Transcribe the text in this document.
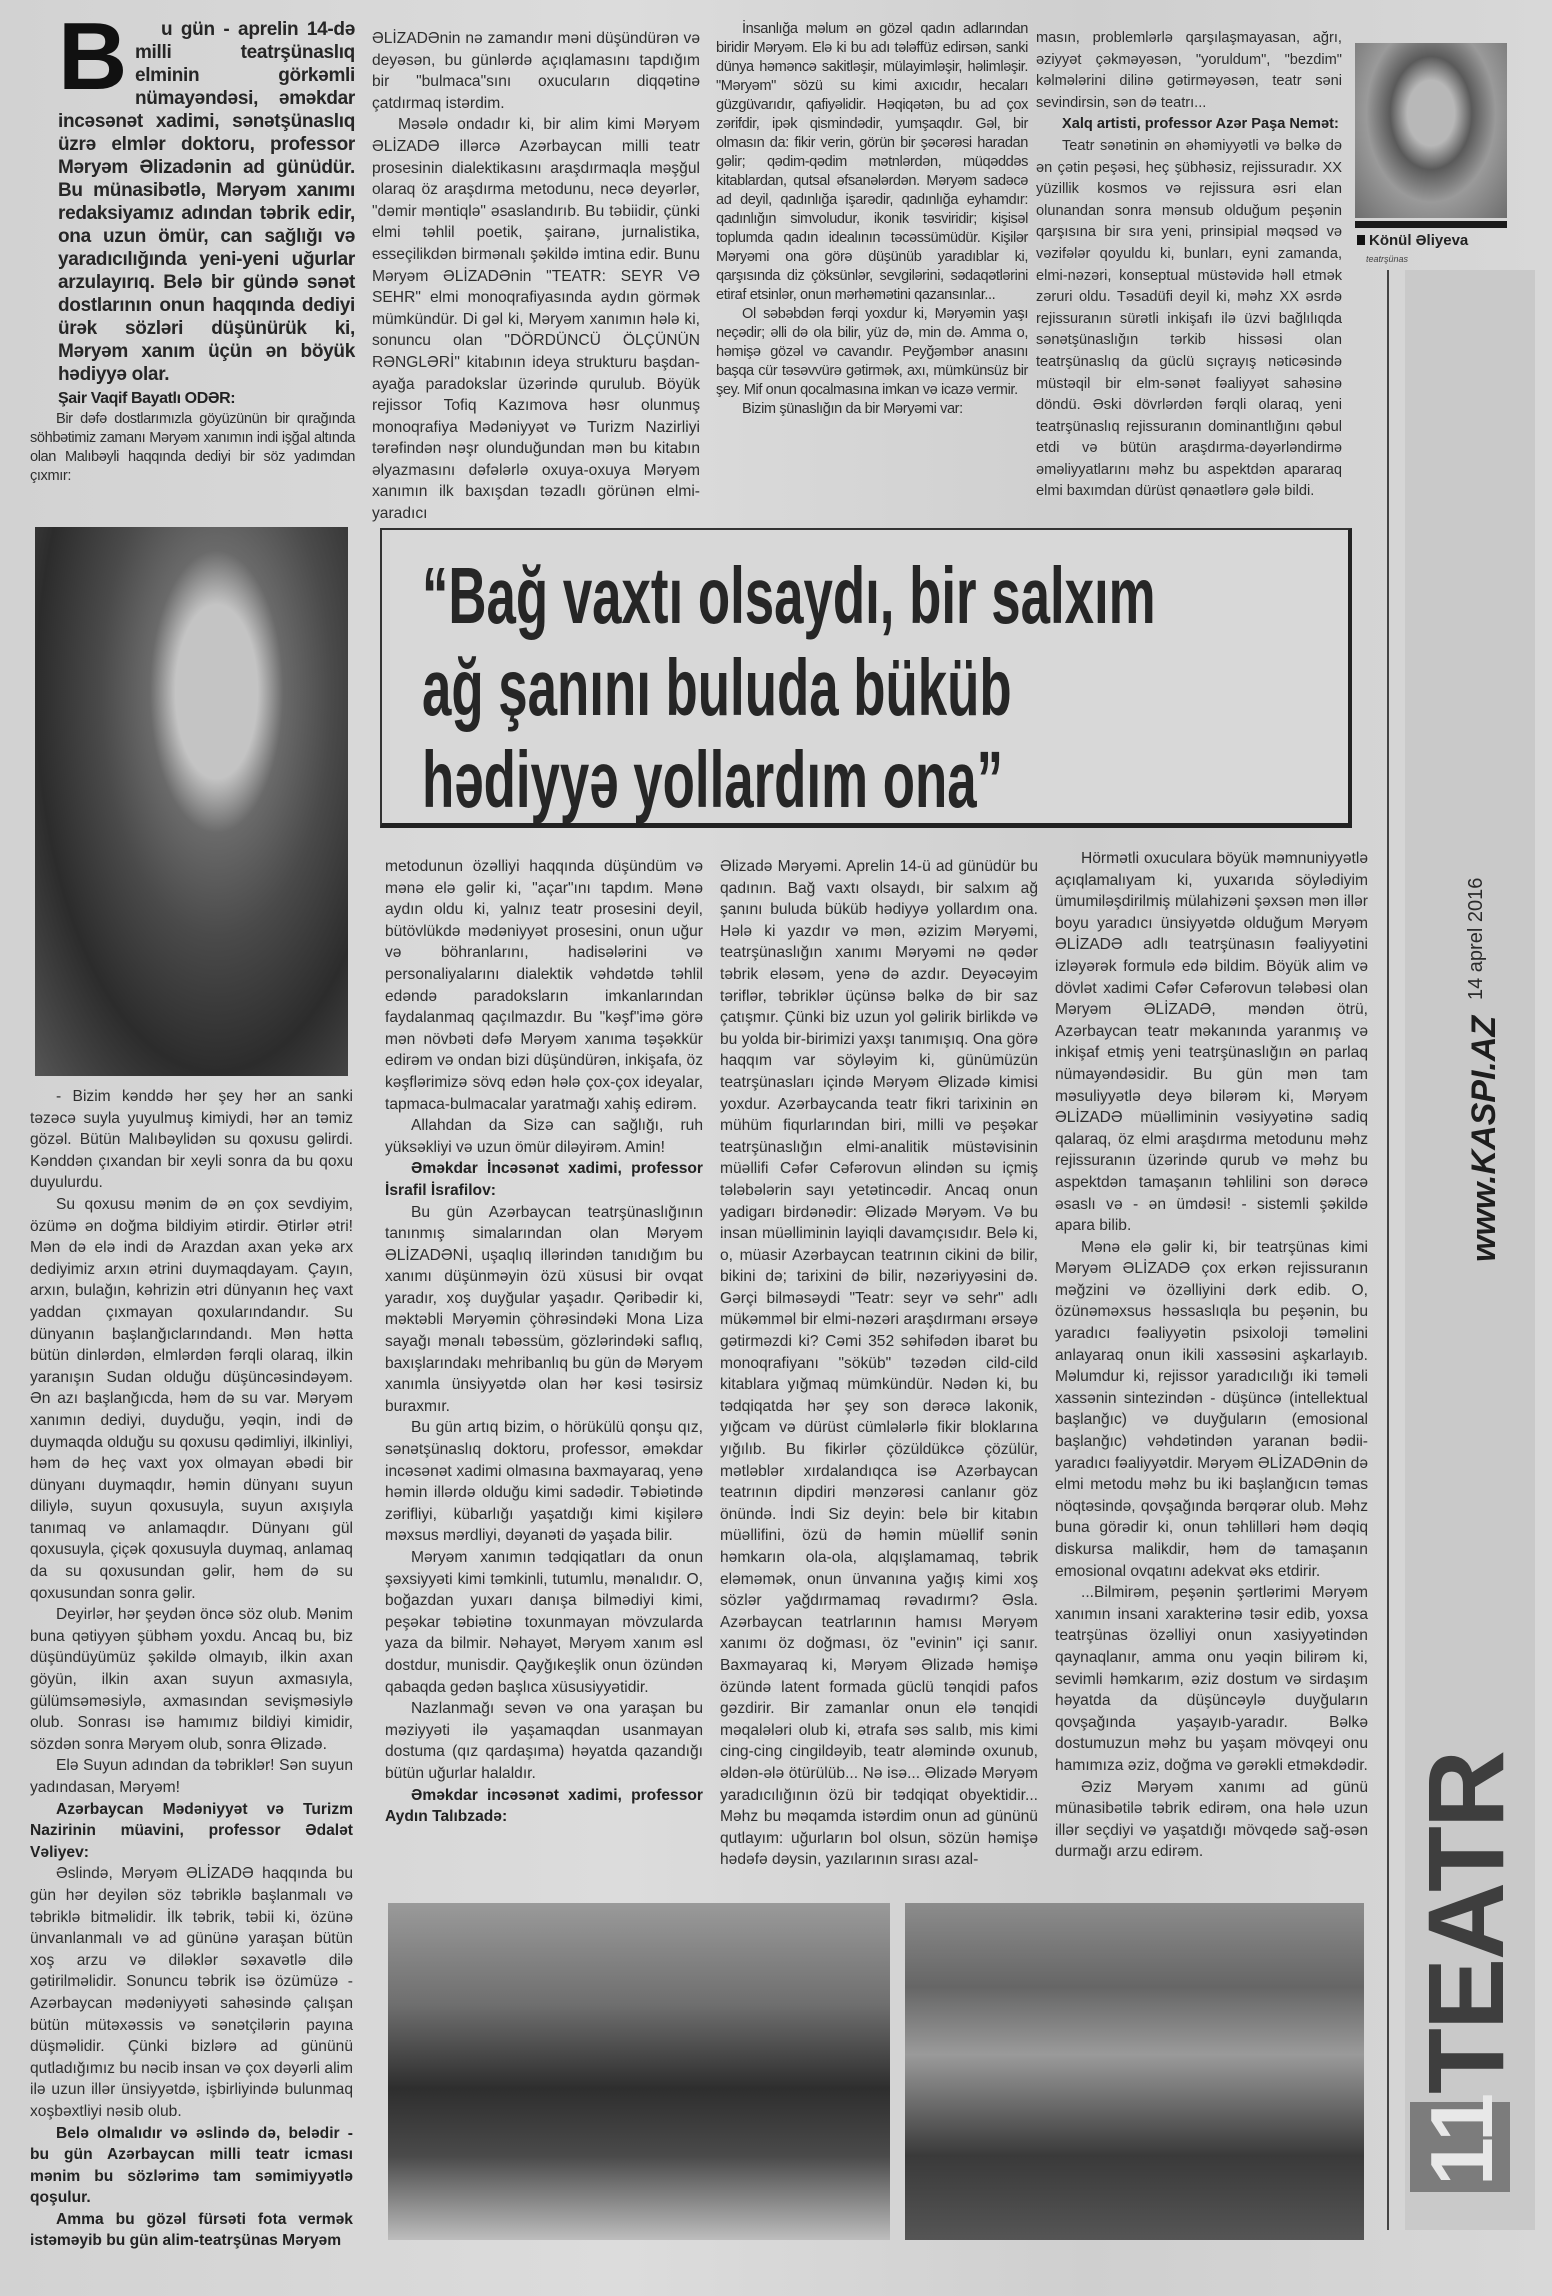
B	u gün - aprelin 14-də milli teatrşünaslıq elminin görkəmli nümayəndəsi, əməkdar incəsənət xadimi, sənətşünaslıq üzrə elmlər doktoru, professor Məryəm Əlizadənin ad günüdür. Bu münasibətlə, Məryəm xanımı redaksiyamız adından təbrik edir, ona uzun ömür, can sağlığı və yaradıcılığında yeni-yeni uğurlar arzulayırıq. Belə bir gündə sənət dostlarının onun haqqında dediyi ürək sözləri düşünürük ki, Məryəm xanım üçün ən böyük hədiyyə olar.

Şair Vaqif Bayatlı ODƏR:

Bir dəfə dostlarımızla göyüzünün bir qırağında söhbətimiz zamanı Məryəm xanımın indi işğal altında olan Malıbəyli haqqında dediyi bir söz yadımdan çıxmır:

ƏLİZADƏnin nə zamandır məni düşündürən və deyəsən, bu günlərdə açıqlamasını tapdığım bir "bulmaca"sını oxucuların diqqətinə çatdırmaq istərdim.

Məsələ ondadır ki, bir alim kimi Məryəm ƏLİZADƏ illərcə Azərbaycan milli teatr prosesinin dialektikasını araşdırmaqla məşğul olaraq öz araşdırma metodunu, necə deyərlər, "dəmir məntiqlə" əsaslandırıb. Bu təbiidir, çünki elmi təhlil poetik, şairanə, jurnalistika, esseçilikdən birmənalı şəkildə imtina edir. Bunu Məryəm ƏLİZADƏnin "TEATR: SEYR VƏ SEHR" elmi monoqrafiyasında aydın görmək mümkündür. Di gəl ki, Məryəm xanımın hələ ki, sonuncu olan "DÖRDÜNCÜ ÖLÇÜNÜN RƏNGLƏRİ" kitabının ideya strukturu başdan-ayağa paradokslar üzərində qurulub. Böyük rejissor Tofiq Kazımova həsr olunmuş monoqrafiya Mədəniyyət və Turizm Nazirliyi tərəfindən nəşr olunduğundan mən bu kitabın əlyazmasını dəfələrlə oxuya-oxuya Məryəm xanımın ilk baxışdan təzadlı görünən elmi-yaradıcı

İnsanlığa məlum ən gözəl qadın adlarından biridir Məryəm. Elə ki bu adı tələffüz edirsən, sanki dünya həməncə sakitləşir, mülayimləşir, həlimləşir. "Məryəm" sözü su kimi axıcıdır, hecaları güzgüvarıdır, qafiyəlidir. Həqiqətən, bu ad çox zərifdir, ipək qismindədir, yumşaqdır. Gəl, bir olmasın da: fikir verin, görün bir şəcərəsi haradan gəlir; qədim-qədim mətnlərdən, müqəddəs kitablardan, qutsal əfsanələrdən. Məryəm sadəcə ad deyil, qadınlığa işarədir, qadınlığa eyhamdır: qadınlığın simvoludur, ikonik təsviridir; kişisəl toplumda qadın idealının təcəssümüdür. Kişilər Məryəmi ona görə düşünüb yaradıblar ki, qarşısında diz çöksünlər, sevgilərini, sədaqətlərini etiraf etsinlər, onun mərhəmətini qazansınlar...

Ol səbəbdən fərqi yoxdur ki, Məryəmin yaşı neçədir; əlli də ola bilir, yüz də, min də. Amma o, həmişə gözəl və cavandır. Peyğəmbər anasını başqa cür təsəvvürə gətirmək, axı, mümkünsüz bir şey. Mif onun qocalmasına imkan və icazə vermir.

Bizim şünaslığın da bir Məryəmi var:

masın, problemlərlə qarşılaşmayasan, ağrı, əziyyət çəkməyəsən, "yoruldum", "bezdim" kəlmələrini dilinə gətirməyəsən, teatr səni sevindirsin, sən də teatrı...

Xalq artisti, professor Azər Paşa Nemət:

Teatr sənətinin ən əhəmiyyətli və bəlkə də ən çətin peşəsi, heç şübhəsiz, rejissuradır. XX yüzillik kosmos və rejissura əsri elan olunandan sonra mənsub olduğum peşənin qarşısına bir sıra yeni, prinsipial məqsəd və vəzifələr qoyuldu ki, bunları, eyni zamanda, elmi-nəzəri, konseptual müstəvidə həll etmək zəruri oldu. Təsadüfi deyil ki, məhz XX əsrdə rejissuranın sürətli inkişafı ilə üzvi bağlılıqda sənətşünaslığın tərkib hissəsi olan teatrşünaslıq da güclü sıçrayış nəticəsində müstəqil bir elm-sənət fəaliyyət sahəsinə döndü. Əski dövrlərdən fərqli olaraq, yeni teatrşünaslıq rejissuranın dominantlığını qəbul etdi və bütün araşdırma-dəyərləndirmə əməliyyatlarını məhz bu aspektdən apararaq elmi baxımdan dürüst qənaətlərə gələ bildi.

Könül Əliyeva
teatrşünas
“Bağ vaxtı olsaydı, bir salxım
ağ şanını buluda büküb
hədiyyə yollardım ona”

- Bizim kənddə hər şey hər an sanki təzəcə suyla yuyulmuş kimiydi, hər an təmiz gözəl. Bütün Malıbəylidən su qoxusu gəlirdi. Kənddən çıxandan bir xeyli sonra da bu qoxu duyulurdu.

Su qoxusu mənim də ən çox sevdiyim, özümə ən doğma bildiyim ətirdir. Ətirlər ətri! Mən də elə indi də Arazdan axan yekə arx dediyimiz arxın ətrini duymaqdayam. Çayın, arxın, bulağın, kəhrizin ətri dünyanın heç vaxt yaddan çıxmayan qoxularındandır. Su dünyanın başlanğıclarındandı. Mən hətta bütün dinlərdən, elmlərdən fərqli olaraq, ilkin yaranışın Sudan olduğu düşüncəsindəyəm. Ən azı başlanğıcda, həm də su var. Məryəm xanımın dediyi, duyduğu, yəqin, indi də duymaqda olduğu su qoxusu qədimliyi, ilkinliyi, həm də heç vaxt yox olmayan əbədi bir dünyanı duymaqdır, həmin dünyanı suyun diliylə, suyun qoxusuyla, suyun axışıyla tanımaq və anlamaqdır. Dünyanı gül qoxusuyla, çiçək qoxusuyla duymaq, anlamaq da su qoxusundan gəlir, həm də su qoxusundan sonra gəlir.

Deyirlər, hər şeydən öncə söz olub. Mənim buna qətiyyən şübhəm yoxdu. Ancaq bu, biz düşündüyümüz şəkildə olmayıb, ilkin axan göyün, ilkin axan suyun axmasıyla, gülümsəməsiylə, axmasından sevişməsiylə olub. Sonrası isə hamımız bildiyi kimidir, sözdən sonra Məryəm olub, sonra Əlizadə.

Elə Suyun adından da təbriklər! Sən suyun yadındasan, Məryəm!

Azərbaycan Mədəniyyət və Turizm Nazirinin müavini, professor Ədalət Vəliyev:

Əslində, Məryəm ƏLİZADƏ haqqında bu gün hər deyilən söz təbriklə başlanmalı və təbriklə bitməlidir. İlk təbrik, təbii ki, özünə ünvanlanmalı və ad gününə yaraşan bütün xoş arzu və diləklər səxavətlə dilə gətirilməlidir. Sonuncu təbrik isə özümüzə - Azərbaycan mədəniyyəti sahəsində çalışan bütün mütəxəssis və sənətçilərin payına düşməlidir. Çünki bizlərə ad gününü qutladığımız bu nəcib insan və çox dəyərli alim ilə uzun illər ünsiyyətdə, işbirliyində bulunmaq xoşbəxtliyi nəsib olub.

Belə olmalıdır və əslində də, belədir - bu gün Azərbaycan milli teatr icması mənim bu sözlərimə tam səmimiyyətlə qoşulur.

Amma bu gözəl fürsəti fota vermək istəməyib bu gün alim-teatrşünas Məryəm

metodunun özəlliyi haqqında düşündüm və mənə elə gəlir ki, "açar"ını tapdım. Mənə aydın oldu ki, yalnız teatr prosesini deyil, bütövlükdə mədəniyyət prosesini, onun uğur və böhranlarını, hadisələrini və personaliyalarını dialektik vəhdətdə təhlil edəndə paradoksların imkanlarından faydalanmaq qaçılmazdır. Bu "kəşf"imə görə mən növbəti dəfə Məryəm xanıma təşəkkür edirəm və ondan bizi düşündürən, inkişafa, öz kəşflərimizə sövq edən hələ çox-çox ideyalar, tapmaca-bulmacalar yaratmağı xahiş edirəm.

Allahdan da Sizə can sağlığı, ruh yüksəkliyi və uzun ömür diləyirəm. Amin!

Əməkdar İncəsənət xadimi, professor İsrafil İsrafilov:

Bu gün Azərbaycan teatrşünaslığının tanınmış simalarından olan Məryəm ƏLİZADƏNİ, uşaqlıq illərindən tanıdığım bu xanımı düşünməyin özü xüsusi bir ovqat yaradır, xoş duyğular yaşadır. Qəribədir ki, məktəbli Məryəmin çöhrəsindəki Mona Liza sayağı mənalı təbəssüm, gözlərindəki saflıq, baxışlarındakı mehribanlıq bu gün də Məryəm xanımla ünsiyyətdə olan hər kəsi təsirsiz buraxmır.

Bu gün artıq bizim, o hörükülü qonşu qız, sənətşünaslıq doktoru, professor, əməkdar incəsənət xadimi olmasına baxmayaraq, yenə həmin illərdə olduğu kimi sadədir. Təbiətində zərifliyi, kübarlığı yaşatdığı kimi kişilərə məxsus mərdliyi, dəyanəti də yaşada bilir.

Məryəm xanımın tədqiqatları da onun şəxsiyyəti kimi təmkinli, tutumlu, mənalıdır. O, boğazdan yuxarı danışa bilmədiyi kimi, peşəkar təbiətinə toxunmayan mövzularda yaza da bilmir. Nəhayət, Məryəm xanım əsl dostdur, munisdir. Qayğıkeşlik onun özündən qabaqda gedən başlıca xüsusiyyətidir.

Nazlanmağı sevən və ona yaraşan bu məziyyəti ilə yaşamaqdan usanmayan dostuma (qız qardaşıma) həyatda qazandığı bütün uğurlar halaldır.

Əməkdar incəsənət xadimi, professor Aydın Talıbzadə:

Əlizadə Məryəmi. Aprelin 14-ü ad günüdür bu qadının. Bağ vaxtı olsaydı, bir salxım ağ şanını buluda büküb hədiyyə yollardım ona. Hələ ki yazdır və mən, əzizim Məryəmi, teatrşünaslığın xanımı Məryəmi nə qədər təbrik eləsəm, yenə də azdır. Deyəcəyim təriflər, təbriklər üçünsə bəlkə də bir saz çatışmır. Çünki biz uzun yol gəlirik birlikdə və bu yolda bir-birimizi yaxşı tanımışıq. Ona görə haqqım var söyləyim ki, günümüzün teatrşünasları içində Məryəm Əlizadə kimisi yoxdur. Azərbaycanda teatr fikri tarixinin ən mühüm fiqurlarından biri, milli və peşəkar teatrşünaslığın elmi-analitik müstəvisinin müəllifi Cəfər Cəfərovun əlindən su içmiş tələbələrin sayı yetətincədir. Ancaq onun yadigarı birdənədir: Əlizadə Məryəm. Və bu insan müəlliminin layiqli davamçısıdır. Belə ki, o, müasir Azərbaycan teatrının cikini də bilir, bikini də; tarixini də bilir, nəzəriyyəsini də. Gərçi bilməsəydi "Teatr: seyr və sehr" adlı mükəmməl bir elmi-nəzəri araşdırmanı ərsəyə gətirməzdi ki? Cəmi 352 səhifədən ibarət bu monoqrafiyanı "söküb" təzədən cild-cild kitablara yığmaq mümkündür. Nədən ki, bu tədqiqatda hər şey son dərəcə lakonik, yığcam və dürüst cümlələrlə fikir bloklarına yığılıb. Bu fikirlər çözüldükcə çözülür, mətləblər xırdalandıqca isə Azərbaycan teatrının dipdiri mənzərəsi canlanır göz önündə. İndi Siz deyin: belə bir kitabın müəllifini, özü də həmin müəllif sənin həmkarın ola-ola, alqışlamamaq, təbrik eləməmək, onun ünvanına yağış kimi xoş sözlər yağdırmamaq rəvadırmı? Əsla. Azərbaycan teatrlarının hamısı Məryəm xanımı öz doğması, öz "evinin" içi sanır. Baxmayaraq ki, Məryəm Əlizadə həmişə özündə latent formada güclü tənqidi pafos gəzdirir. Bir zamanlar onun elə tənqidi məqalələri olub ki, ətrafa səs salıb, mis kimi cing-cing cingildəyib, teatr aləmində oxunub, əldən-ələ ötürülüb... Nə isə... Əlizadə Məryəm yaradıcılığının özü bir tədqiqat obyektidir... Məhz bu məqamda istərdim onun ad gününü qutlayım: uğurların bol olsun, sözün həmişə hədəfə dəysin, yazılarının sırası azal-

Hörmətli oxuculara böyük məmnuniyyətlə açıqlamalıyam ki, yuxarıda söylədiyim ümumiləşdirilmiş mülahizəni şəxsən mən illər boyu yaradıcı ünsiyyətdə olduğum Məryəm ƏLİZADƏ adlı teatrşünasın fəaliyyətini izləyərək formulə edə bildim. Böyük alim və dövlət xadimi Cəfər Cəfərovun tələbəsi olan Məryəm ƏLİZADƏ, məndən ötrü, Azərbaycan teatr məkanında yaranmış və inkişaf etmiş yeni teatrşünaslığın ən parlaq nümayəndəsidir. Bu gün mən tam məsuliyyətlə deyə bilərəm ki, Məryəm ƏLİZADƏ müəlliminin vəsiyyətinə sadiq qalaraq, öz elmi araşdırma metodunu məhz rejissuranın üzərində qurub və məhz bu aspektdən tamaşanın təhlilini son dərəcə əsaslı və - ən ümdəsi! - sistemli şəkildə apara bilib.

Mənə elə gəlir ki, bir teatrşünas kimi Məryəm ƏLİZADƏ çox erkən rejissuranın məğzini və özəlliyini dərk edib. O, özünəməxsus həssaslıqla bu peşənin, bu yaradıcı fəaliyyətin psixoloji təməlini anlayaraq onun ikili xassəsini aşkarlayıb. Məlumdur ki, rejissor yaradıcılığı iki təməli xassənin sintezindən - düşüncə (intellektual başlanğıc) və duyğuların (emosional başlanğıc) vəhdətindən yaranan bədii-yaradıcı fəaliyyətdir. Məryəm ƏLİZADƏnin də elmi metodu məhz bu iki başlanğıcın təmas nöqtəsində, qovşağında bərqərar olub. Məhz buna görədir ki, onun təhlilləri həm dəqiq diskursa malikdir, həm də tamaşanın emosional ovqatını adekvat əks etdirir.

...Bilmirəm, peşənin şərtlərimi Məryəm xanımın insani xarakterinə təsir edib, yoxsa teatrşünas özəlliyi onun xasiyyətindən qaynaqlanır, amma onu yəqin bilirəm ki, sevimli həmkarım, əziz dostum və sirdaşım həyatda da düşüncəylə duyğuların qovşağında yaşayıb-yaradır. Bəlkə dostumuzun məhz bu yaşam mövqeyi onu hamımıza əziz, doğma və gərəkli etməkdədir.

Əziz Məryəm xanımı ad günü münasibətilə təbrik edirəm, ona hələ uzun illər seçdiyi və yaşatdığı mövqedə sağ-əsən durmağı arzu edirəm.

www.KASPI.AZ
14 aprel 2016
TEATR
11
